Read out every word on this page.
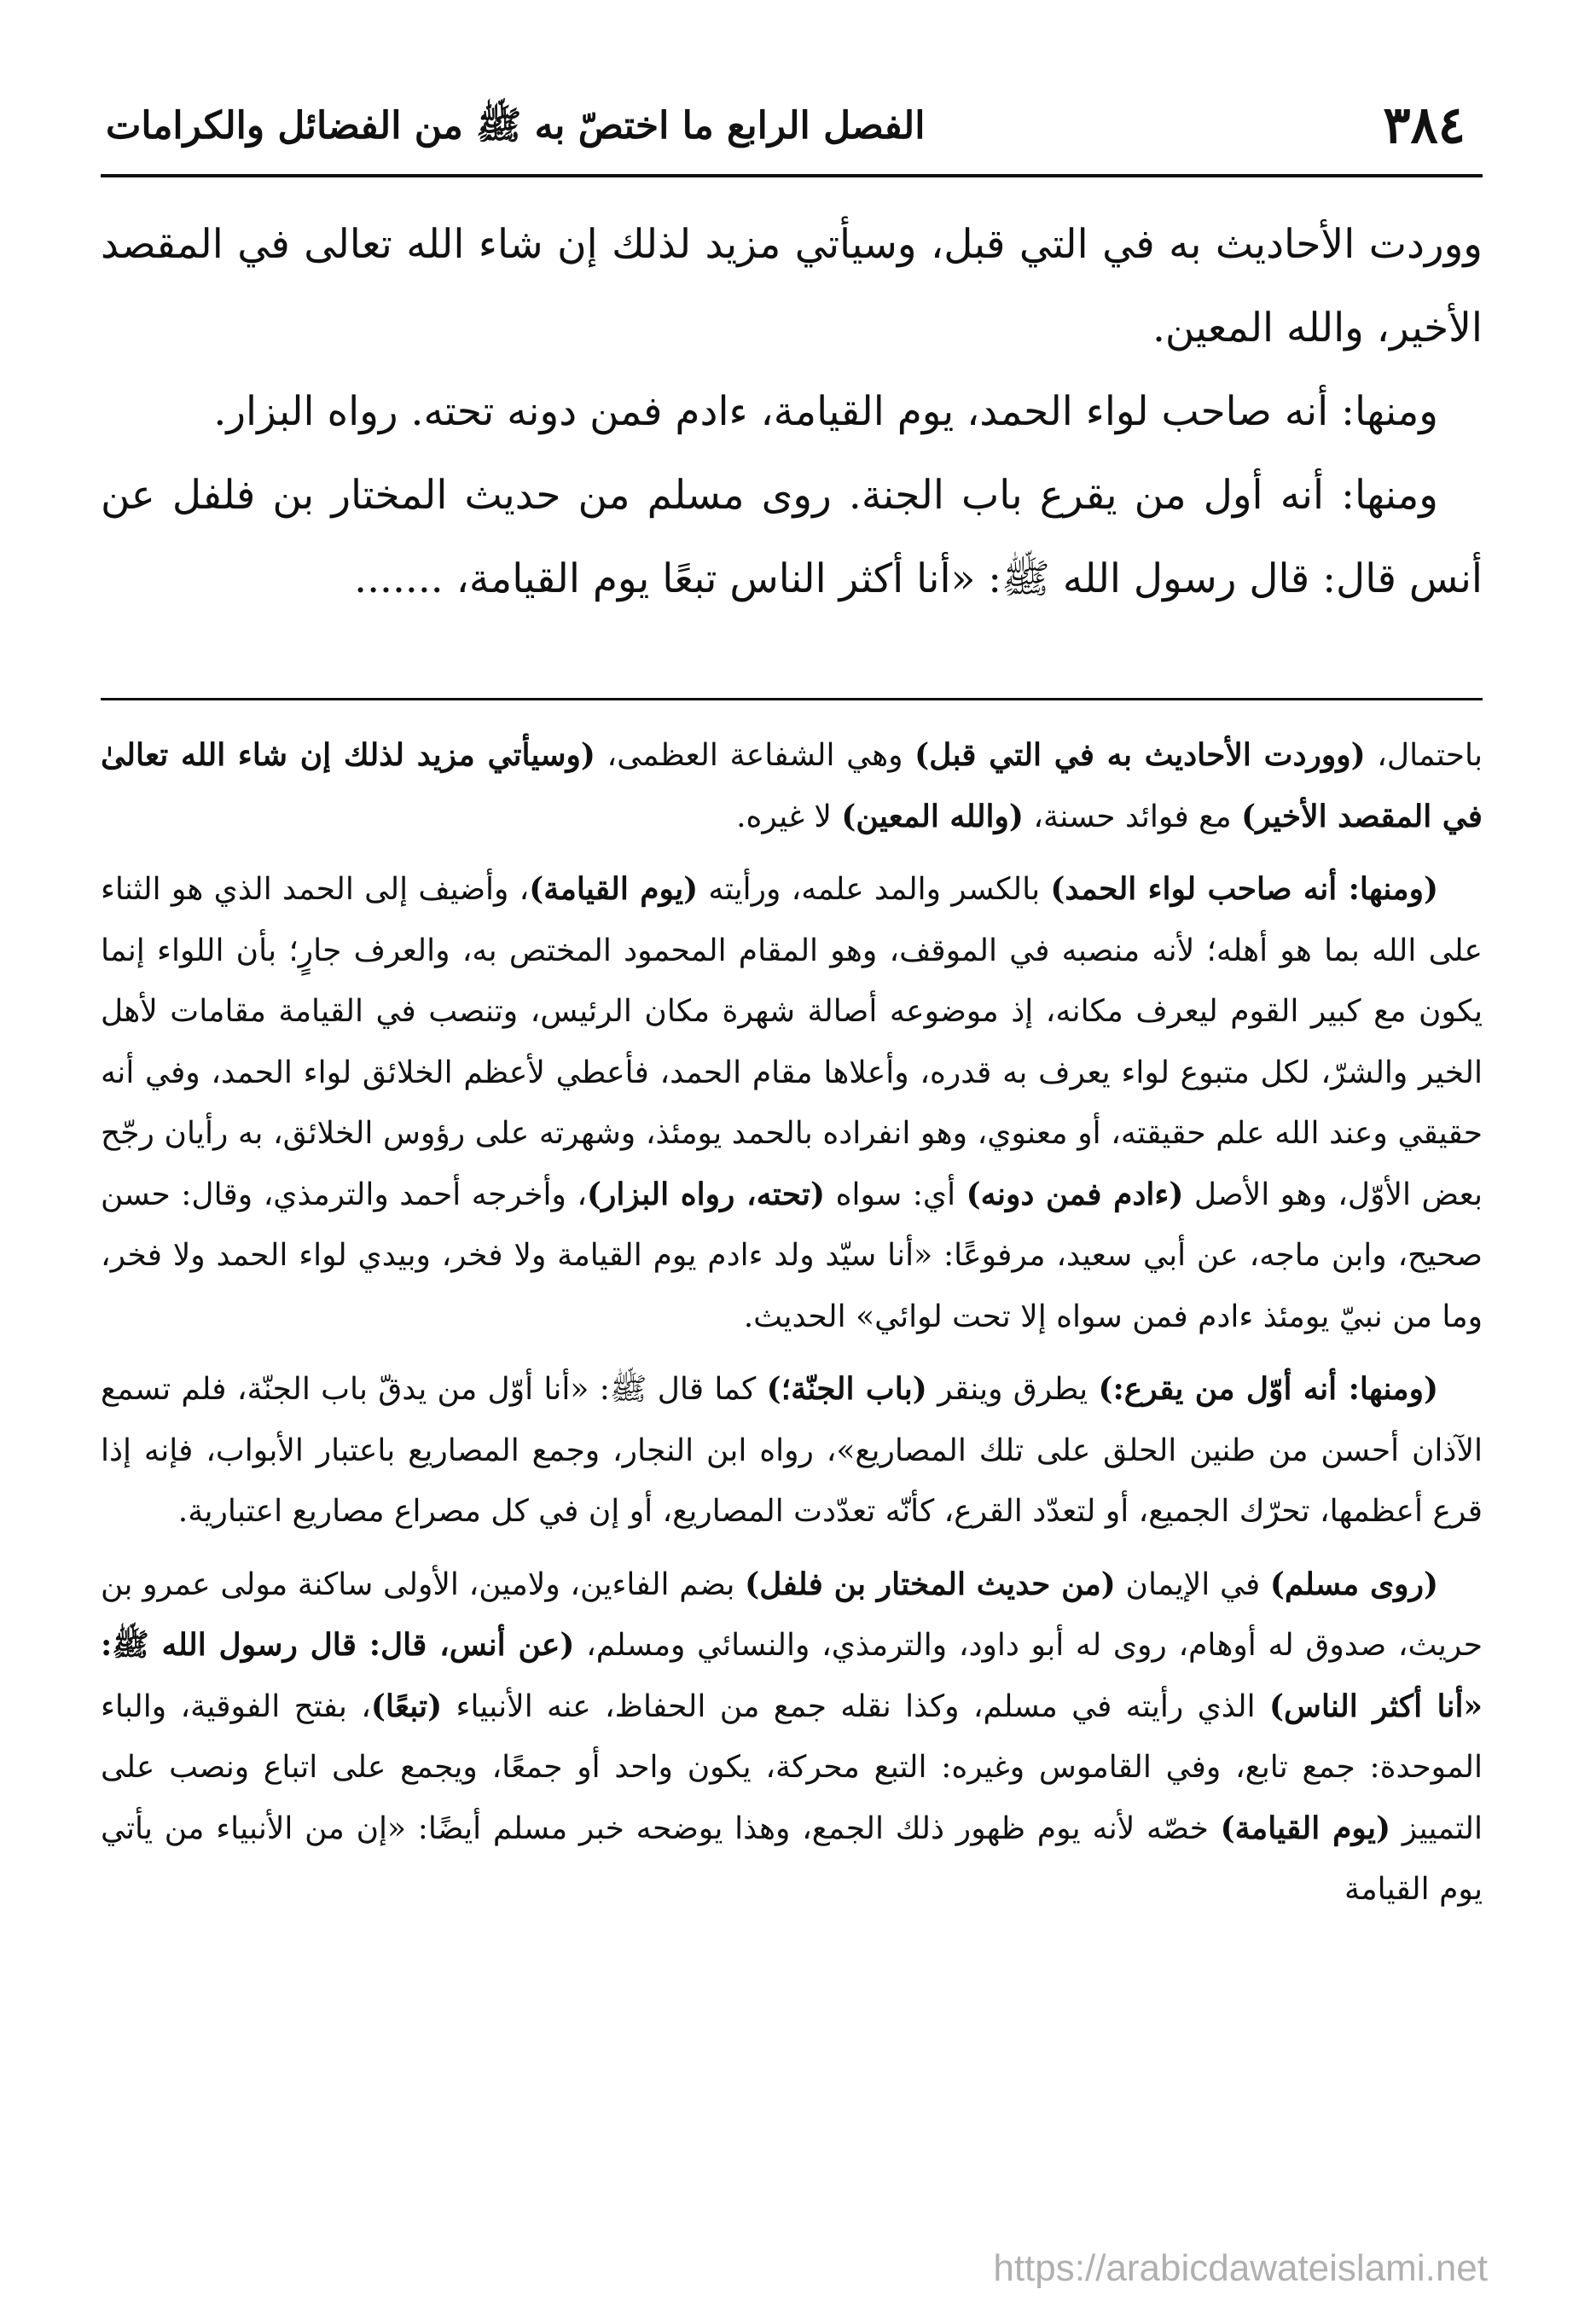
٣٨٤
الفصل الرابع ما اختصّ به ﷺ من الفضائل والكرامات

ووردت الأحاديث به في التي قبل، وسيأتي مزيد لذلك إن شاء الله تعالى في المقصد الأخير، والله المعين.

ومنها: أنه صاحب لواء الحمد، يوم القيامة، ءادم فمن دونه تحته. رواه البزار.

ومنها: أنه أول من يقرع باب الجنة. روى مسلم من حديث المختار بن فلفل عن أنس قال: قال رسول الله ﷺ: «أنا أكثر الناس تبعًا يوم القيامة، .......

باحتمال، (ووردت الأحاديث به في التي قبل) وهي الشفاعة العظمى، (وسيأتي مزيد لذلك إن شاء الله تعالىٰ في المقصد الأخير) مع فوائد حسنة، (والله المعين) لا غيره.

(ومنها: أنه صاحب لواء الحمد) بالكسر والمد علمه، ورأيته (يوم القيامة)، وأضيف إلى الحمد الذي هو الثناء على الله بما هو أهله؛ لأنه منصبه في الموقف، وهو المقام المحمود المختص به، والعرف جارٍ؛ بأن اللواء إنما يكون مع كبير القوم ليعرف مكانه، إذ موضوعه أصالة شهرة مكان الرئيس، وتنصب في القيامة مقامات لأهل الخير والشرّ، لكل متبوع لواء يعرف به قدره، وأعلاها مقام الحمد، فأعطي لأعظم الخلائق لواء الحمد، وفي أنه حقيقي وعند الله علم حقيقته، أو معنوي، وهو انفراده بالحمد يومئذ، وشهرته على رؤوس الخلائق، به رأيان رجّح بعض الأوّل، وهو الأصل (ءادم فمن دونه) أي: سواه (تحته، رواه البزار)، وأخرجه أحمد والترمذي، وقال: حسن صحيح، وابن ماجه، عن أبي سعيد، مرفوعًا: «أنا سيّد ولد ءادم يوم القيامة ولا فخر، وبيدي لواء الحمد ولا فخر، وما من نبيّ يومئذ ءادم فمن سواه إلا تحت لوائي» الحديث.

(ومنها: أنه أوّل من يقرع:) يطرق وينقر (باب الجنّة؛) كما قال ﷺ: «أنا أوّل من يدقّ باب الجنّة، فلم تسمع الآذان أحسن من طنين الحلق على تلك المصاريع»، رواه ابن النجار، وجمع المصاريع باعتبار الأبواب، فإنه إذا قرع أعظمها، تحرّك الجميع، أو لتعدّد القرع، كأنّه تعدّدت المصاريع، أو إن في كل مصراع مصاريع اعتبارية.

(روى مسلم) في الإيمان (من حديث المختار بن فلفل) بضم الفاءين، ولامين، الأولى ساكنة مولى عمرو بن حريث، صدوق له أوهام، روى له أبو داود، والترمذي، والنسائي ومسلم، (عن أنس، قال: قال رسول الله ﷺ: «أنا أكثر الناس) الذي رأيته في مسلم، وكذا نقله جمع من الحفاظ، عنه الأنبياء (تبعًا)، بفتح الفوقية، والباء الموحدة: جمع تابع، وفي القاموس وغيره: التبع محركة، يكون واحد أو جمعًا، ويجمع على اتباع ونصب على التمييز (يوم القيامة) خصّه لأنه يوم ظهور ذلك الجمع، وهذا يوضحه خبر مسلم أيضًا: «إن من الأنبياء من يأتي يوم القيامة

https://arabicdawateislami.net
